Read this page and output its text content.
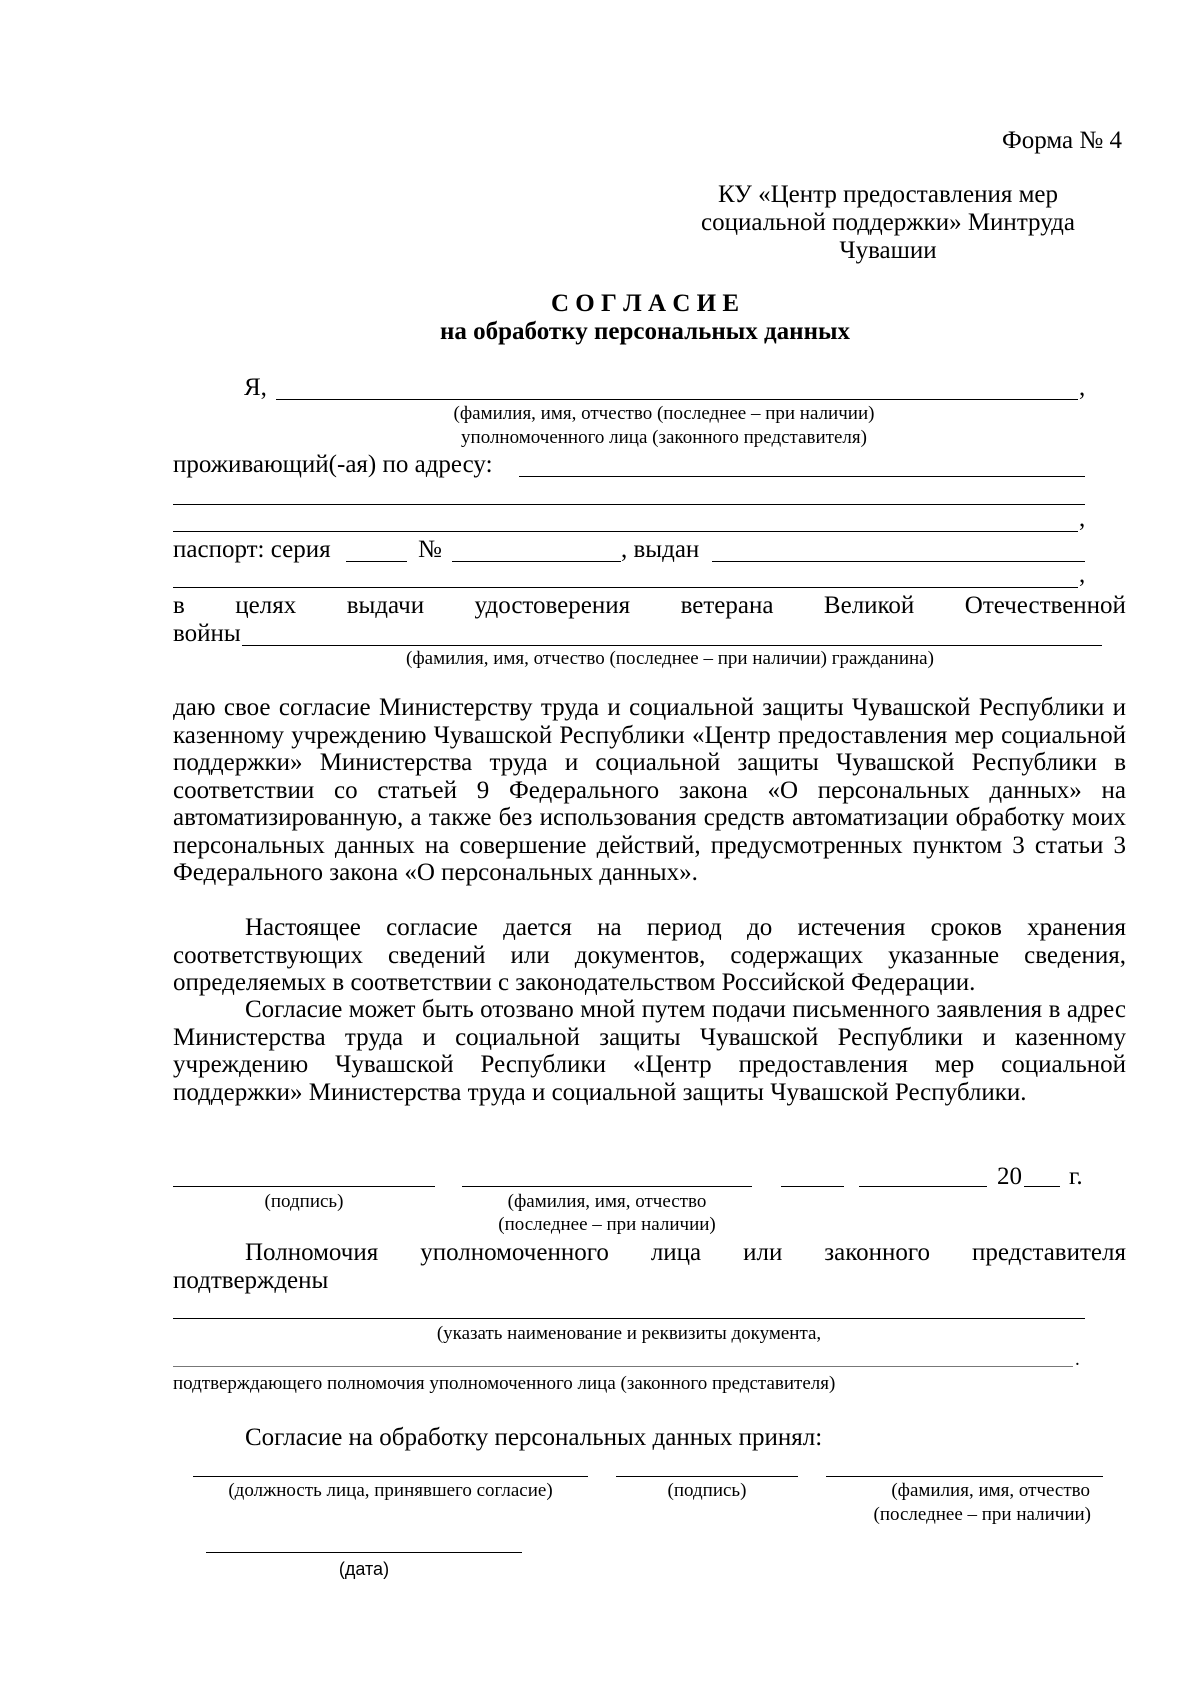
Форма № 4
КУ «Центр предоставления мер
социальной поддержки» Минтруда
Чувашии
С О Г Л А С И Е
на обработку персональных данных
Я,	,
(фамилия, имя, отчество (последнее – при наличии)
уполномоченного лица (законного представителя)
проживающий(-ая) по адресу:
,
паспорт: серия	№	, выдан
,
в целях выдачи удостоверения ветерана Великой Отечественной
войны
(фамилия, имя, отчество (последнее – при наличии) гражданина)
даю свое согласие Министерству труда и социальной защиты Чувашской Республики и казенному учреждению Чувашской Республики «Центр предоставления мер социальной поддержки» Министерства труда и социальной защиты Чувашской Республики в соответствии со статьей 9 Федерального закона «О персональных данных» на автоматизированную, а также без использования средств автоматизации обработку моих персональных данных на совершение действий, предусмотренных пунктом 3 статьи 3 Федерального закона «О персональных данных».
Настоящее согласие дается на период до истечения сроков хранения соответствующих сведений или документов, содержащих указанные сведения, определяемых в соответствии с законодательством Российской Федерации.
Согласие может быть отозвано мной путем подачи письменного заявления в адрес Министерства труда и социальной защиты Чувашской Республики и казенному учреждению Чувашской Республики «Центр предоставления мер социальной поддержки» Министерства труда и социальной защиты Чувашской Республики.
20 г.
(подпись)	(фамилия, имя, отчество
(последнее – при наличии)
Полномочия уполномоченного лица или законного представителя
подтверждены
(указать наименование и реквизиты документа,
.
подтверждающего полномочия уполномоченного лица (законного представителя)
Согласие на обработку персональных данных принял:
(должность лица, принявшего согласие)	(подпись)	(фамилия, имя, отчество
(последнее – при наличии)
(дата)
